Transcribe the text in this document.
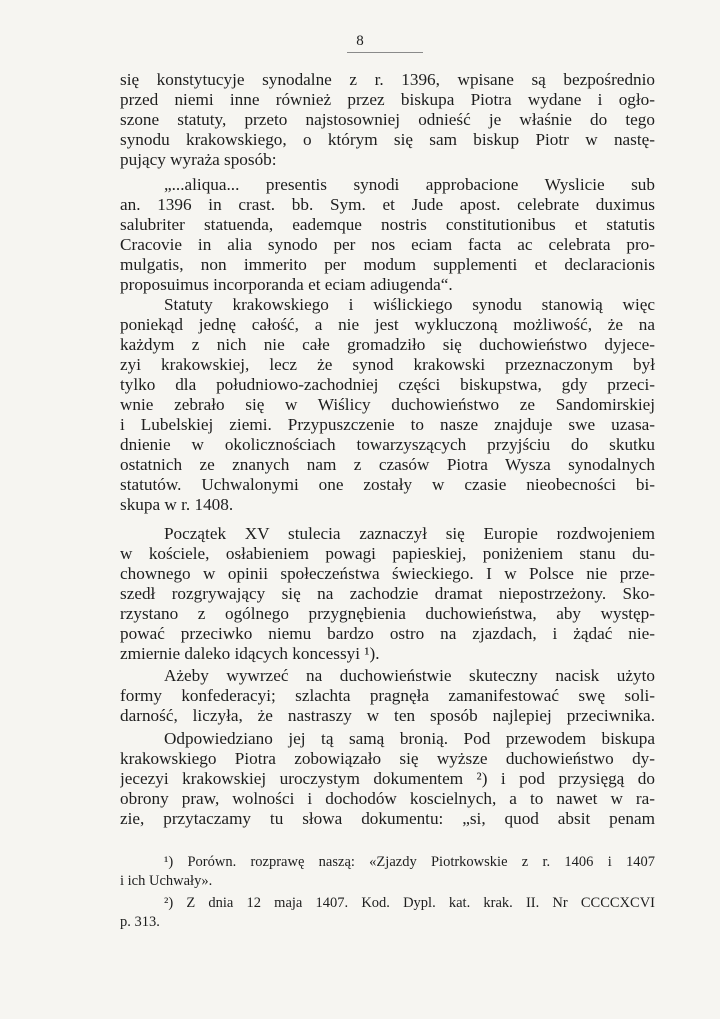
8
się konstytucyje synodalne z r. 1396, wpisane są bezpośrednio
przed niemi inne również przez biskupa Piotra wydane i ogło-
szone statuty, przeto najstosowniej odnieść je właśnie do tego
synodu krakowskiego, o którym się sam biskup Piotr w nastę-
pujący wyraża sposób:
„...aliqua... presentis synodi approbacione Wyslicie sub
an. 1396 in crast. bb. Sym. et Jude apost. celebrate duximus
salubriter statuenda, eademque nostris constitutionibus et statutis
Cracovie in alia synodo per nos eciam facta ac celebrata pro-
mulgatis, non immerito per modum supplementi et declaracionis
proposuimus incorporanda et eciam adiugenda“.
Statuty krakowskiego i wiślickiego synodu stanowią więc
poniekąd jednę całość, a nie jest wykluczoną możliwość, że na
każdym z nich nie całe gromadziło się duchowieństwo dyjece-
zyi krakowskiej, lecz że synod krakowski przeznaczonym był
tylko dla południowo-zachodniej części biskupstwa, gdy przeci-
wnie zebrało się w Wiślicy duchowieństwo ze Sandomirskiej
i Lubelskiej ziemi. Przypuszczenie to nasze znajduje swe uzasa-
dnienie w okolicznościach towarzyszących przyjściu do skutku
ostatnich ze znanych nam z czasów Piotra Wysza synodalnych
statutów. Uchwalonymi one zostały w czasie nieobecności bi-
skupa w r. 1408.
Początek XV stulecia zaznaczył się Europie rozdwojeniem
w kościele, osłabieniem powagi papieskiej, poniżeniem stanu du-
chownego w opinii społeczeństwa świeckiego. I w Polsce nie prze-
szedł rozgrywający się na zachodzie dramat niepostrzeżony. Sko-
rzystano z ogólnego przygnębienia duchowieństwa, aby występ-
pować przeciwko niemu bardzo ostro na zjazdach, i żądać nie-
zmiernie daleko idących koncessyi ¹).
Ażeby wywrzeć na duchowieństwie skuteczny nacisk użyto
formy konfederacyi; szlachta pragnęła zamanifestować swę soli-
darność, liczyła, że nastraszy w ten sposób najlepiej przeciwnika.
Odpowiedziano jej tą samą bronią. Pod przewodem biskupa
krakowskiego Piotra zobowiązało się wyższe duchowieństwo dy-
jecezyi krakowskiej uroczystym dokumentem ²) i pod przysięgą do
obrony praw, wolności i dochodów koscielnych, a to nawet w ra-
zie, przytaczamy tu słowa dokumentu: „si, quod absit penam
¹) Porówn. rozprawę naszą: «Zjazdy Piotrkowskie z r. 1406 i 1407
i ich Uchwały».
²) Z dnia 12 maja 1407. Kod. Dypl. kat. krak. II. Nr CCCCXCVI
p. 313.
